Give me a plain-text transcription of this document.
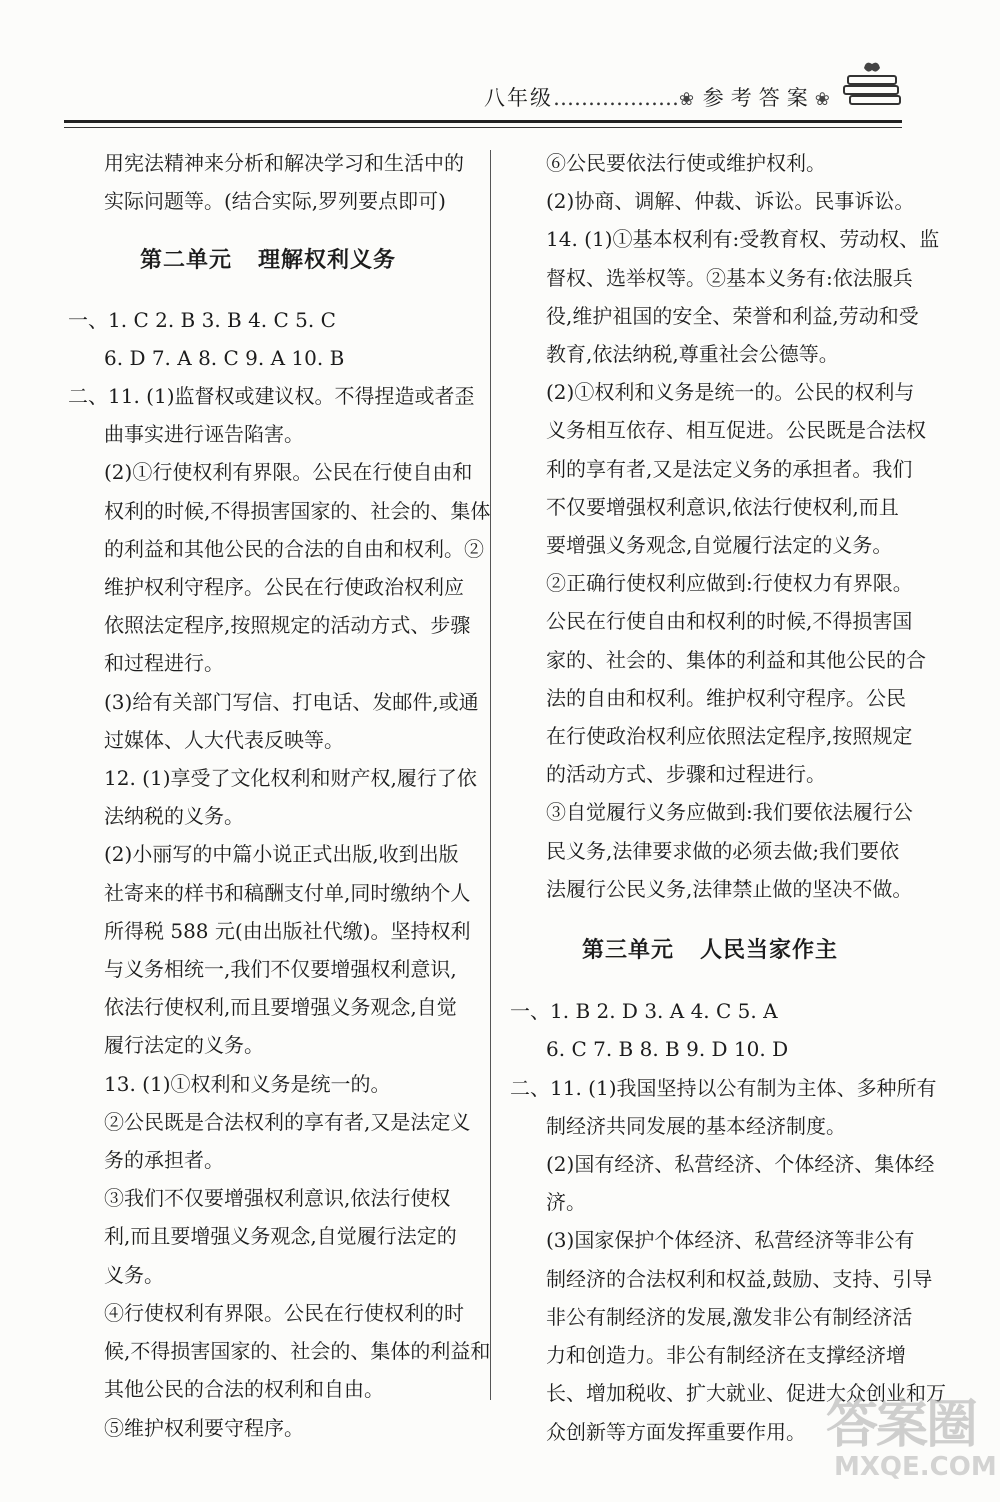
八年级………………❀ 参考答案❀
用宪法精神来分析和解决学习和生活中的
实际问题等。(结合实际,罗列要点即可)
第二单元 理解权利义务
一、1. C 2. B 3. B 4. C 5. C
6. D 7. A 8. C 9. A 10. B
二、11. (1)监督权或建议权。不得捏造或者歪
曲事实进行诬告陷害。
(2)①行使权利有界限。公民在行使自由和
权利的时候,不得损害国家的、社会的、集体
的利益和其他公民的合法的自由和权利。②
维护权利守程序。公民在行使政治权利应
依照法定程序,按照规定的活动方式、步骤
和过程进行。
(3)给有关部门写信、打电话、发邮件,或通
过媒体、人大代表反映等。
12. (1)享受了文化权利和财产权,履行了依
法纳税的义务。
(2)小丽写的中篇小说正式出版,收到出版
社寄来的样书和稿酬支付单,同时缴纳个人
所得税 588 元(由出版社代缴)。坚持权利
与义务相统一,我们不仅要增强权利意识,
依法行使权利,而且要增强义务观念,自觉
履行法定的义务。
13. (1)①权利和义务是统一的。
②公民既是合法权利的享有者,又是法定义
务的承担者。
③我们不仅要增强权利意识,依法行使权
利,而且要增强义务观念,自觉履行法定的
义务。
④行使权利有界限。公民在行使权利的时
候,不得损害国家的、社会的、集体的利益和
其他公民的合法的权利和自由。
⑤维护权利要守程序。
⑥公民要依法行使或维护权利。
(2)协商、调解、仲裁、诉讼。民事诉讼。
14. (1)①基本权利有:受教育权、劳动权、监
督权、选举权等。②基本义务有:依法服兵
役,维护祖国的安全、荣誉和利益,劳动和受
教育,依法纳税,尊重社会公德等。
(2)①权利和义务是统一的。公民的权利与
义务相互依存、相互促进。公民既是合法权
利的享有者,又是法定义务的承担者。我们
不仅要增强权利意识,依法行使权利,而且
要增强义务观念,自觉履行法定的义务。
②正确行使权利应做到:行使权力有界限。
公民在行使自由和权利的时候,不得损害国
家的、社会的、集体的利益和其他公民的合
法的自由和权利。维护权利守程序。公民
在行使政治权利应依照法定程序,按照规定
的活动方式、步骤和过程进行。
③自觉履行义务应做到:我们要依法履行公
民义务,法律要求做的必须去做;我们要依
法履行公民义务,法律禁止做的坚决不做。
第三单元 人民当家作主
一、1. B 2. D 3. A 4. C 5. A
6. C 7. B 8. B 9. D 10. D
二、11. (1)我国坚持以公有制为主体、多种所有
制经济共同发展的基本经济制度。
(2)国有经济、私营经济、个体经济、集体经
济。
(3)国家保护个体经济、私营经济等非公有
制经济的合法权利和权益,鼓励、支持、引导
非公有制经济的发展,激发非公有制经济活
力和创造力。非公有制经济在支撑经济增
长、增加税收、扩大就业、促进大众创业和万
众创新等方面发挥重要作用。 答案圈
MXQE.COM
